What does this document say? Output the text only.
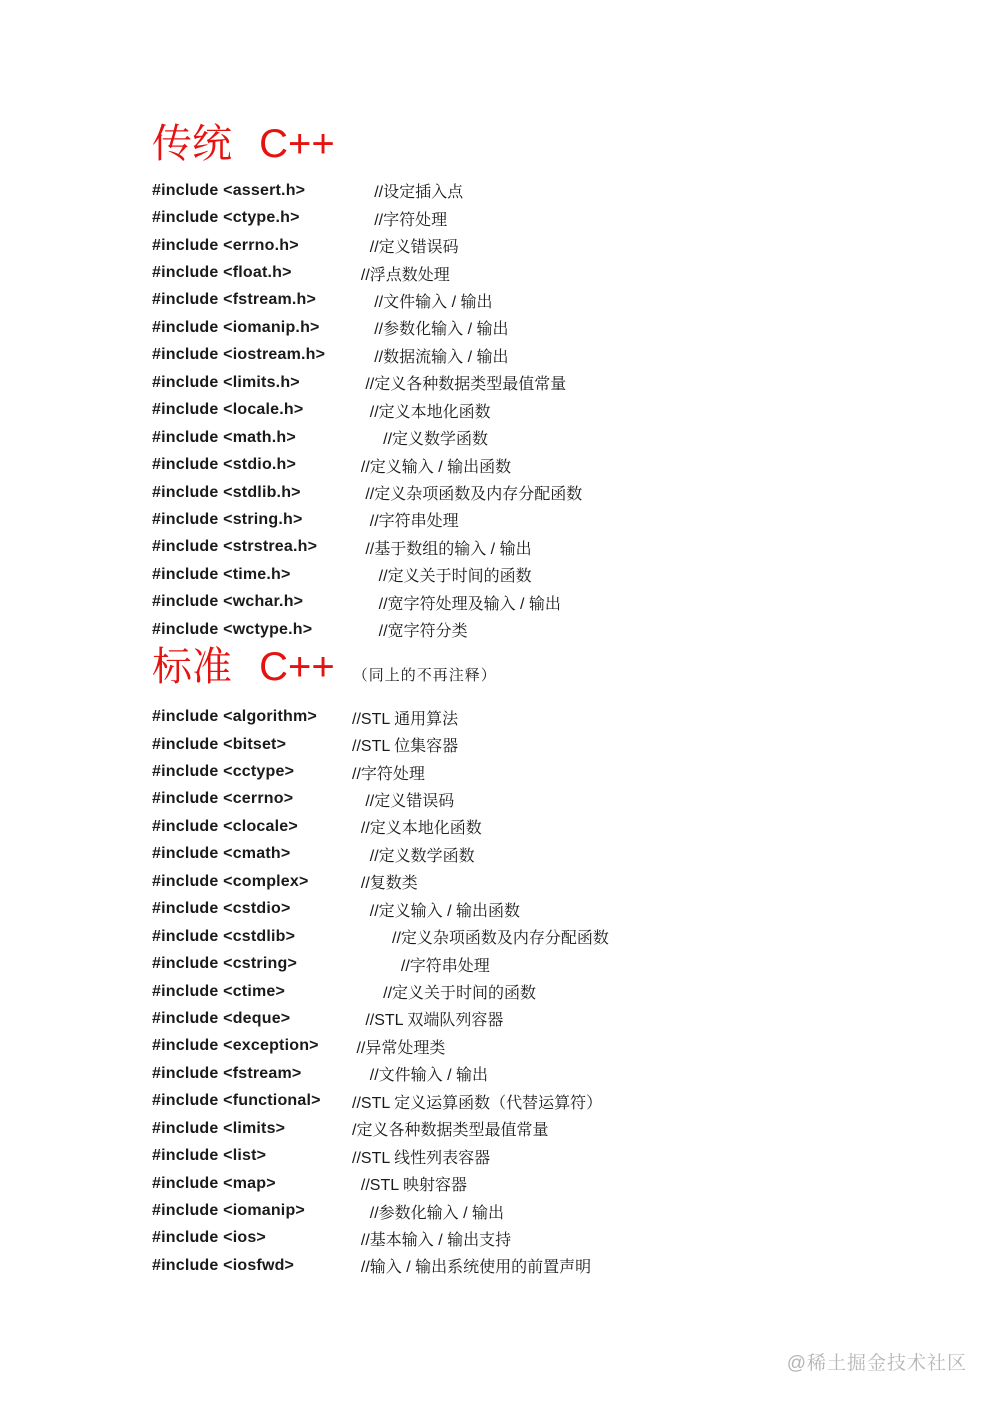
传统 C++
#include <assert.h>	//设定插入点
#include <ctype.h>	//字符处理
#include <errno.h>	//定义错误码
#include <float.h>	//浮点数处理
#include <fstream.h>	//文件输入 / 输出
#include <iomanip.h>	//参数化输入 / 输出
#include <iostream.h>	//数据流输入 / 输出
#include <limits.h>	//定义各种数据类型最值常量
#include <locale.h>	//定义本地化函数
#include <math.h>	//定义数学函数
#include <stdio.h>	//定义输入 / 输出函数
#include <stdlib.h>	//定义杂项函数及内存分配函数
#include <string.h>	//字符串处理
#include <strstrea.h>	//基于数组的输入 / 输出
#include <time.h>	//定义关于时间的函数
#include <wchar.h>	//宽字符处理及输入 / 输出
#include <wctype.h>	//宽字符分类
标准 C++ （同上的不再注释）
#include <algorithm>	//STL 通用算法
#include <bitset>	//STL 位集容器
#include <cctype>	//字符处理
#include <cerrno>	//定义错误码
#include <clocale>	//定义本地化函数
#include <cmath>	//定义数学函数
#include <complex>	//复数类
#include <cstdio>	//定义输入 / 输出函数
#include <cstdlib>	//定义杂项函数及内存分配函数
#include <cstring>	//字符串处理
#include <ctime>	//定义关于时间的函数
#include <deque>	//STL 双端队列容器
#include <exception>	//异常处理类
#include <fstream>	//文件输入 / 输出
#include <functional>	//STL 定义运算函数（代替运算符）
#include <limits>	/定义各种数据类型最值常量
#include <list>	//STL 线性列表容器
#include <map>	//STL 映射容器
#include <iomanip>	//参数化输入 / 输出
#include <ios>	//基本输入 / 输出支持
#include <iosfwd>	//输入 / 输出系统使用的前置声明
@稀土掘金技术社区
